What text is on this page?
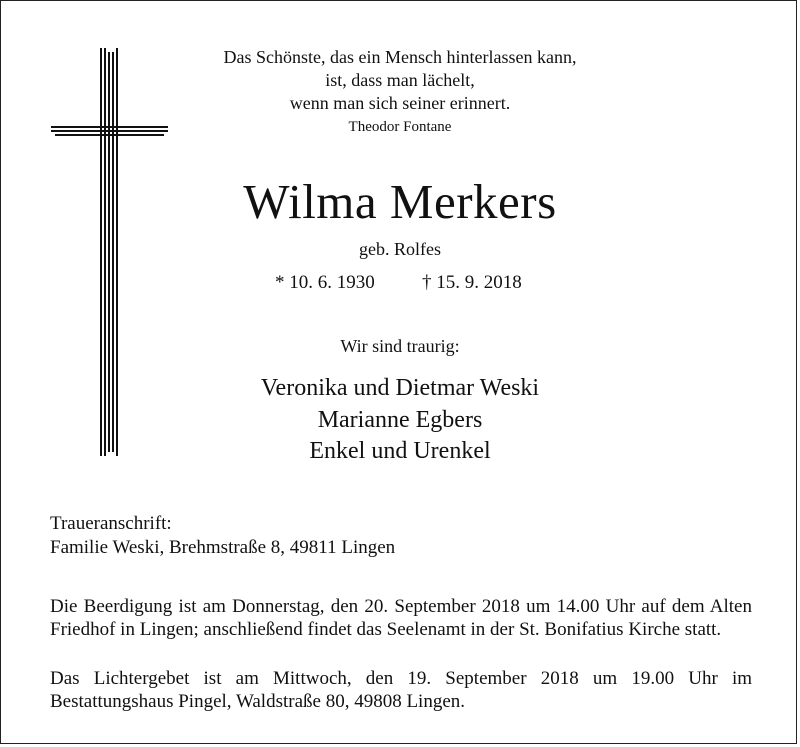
Das Schönste, das ein Mensch hinterlassen kann,
ist, dass man lächelt,
wenn man sich seiner erinnert.
Theodor Fontane
Wilma Merkers
geb. Rolfes
* 10. 6. 1930 † 15. 9. 2018
Wir sind traurig:
Veronika und Dietmar Weski
Marianne Egbers
Enkel und Urenkel
Traueranschrift:
Familie Weski, Brehmstraße 8, 49811 Lingen
Die Beerdigung ist am Donnerstag, den 20. September 2018 um 14.00 Uhr auf dem Alten Friedhof in Lingen; anschließend findet das Seelenamt in der St. Bonifatius Kirche statt.
Das Lichtergebet ist am Mittwoch, den 19. September 2018 um 19.00 Uhr im Bestattungshaus Pingel, Waldstraße 80, 49808 Lingen.
